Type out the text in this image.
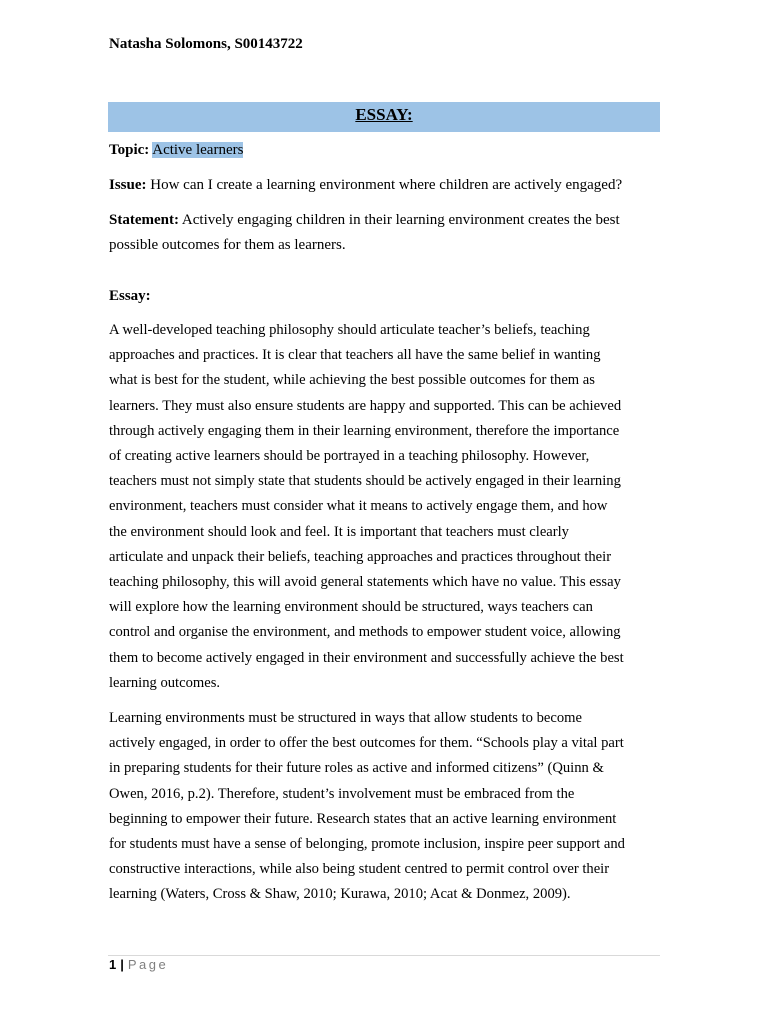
Natasha Solomons, S00143722
ESSAY:
Topic: Active learners
Issue: How can I create a learning environment where children are actively engaged?
Statement: Actively engaging children in their learning environment creates the best
possible outcomes for them as learners.
Essay:
A well-developed teaching philosophy should articulate teacher’s beliefs, teaching
approaches and practices. It is clear that teachers all have the same belief in wanting
what is best for the student, while achieving the best possible outcomes for them as
learners. They must also ensure students are happy and supported. This can be achieved
through actively engaging them in their learning environment, therefore the importance
of creating active learners should be portrayed in a teaching philosophy. However,
teachers must not simply state that students should be actively engaged in their learning
environment, teachers must consider what it means to actively engage them, and how
the environment should look and feel. It is important that teachers must clearly
articulate and unpack their beliefs, teaching approaches and practices throughout their
teaching philosophy, this will avoid general statements which have no value. This essay
will explore how the learning environment should be structured, ways teachers can
control and organise the environment, and methods to empower student voice, allowing
them to become actively engaged in their environment and successfully achieve the best
learning outcomes.
Learning environments must be structured in ways that allow students to become
actively engaged, in order to offer the best outcomes for them. “Schools play a vital part
in preparing students for their future roles as active and informed citizens” (Quinn &
Owen, 2016, p.2). Therefore, student’s involvement must be embraced from the
beginning to empower their future. Research states that an active learning environment
for students must have a sense of belonging, promote inclusion, inspire peer support and
constructive interactions, while also being student centred to permit control over their
learning (Waters, Cross & Shaw, 2010; Kurawa, 2010; Acat & Donmez, 2009).
1 | Page
